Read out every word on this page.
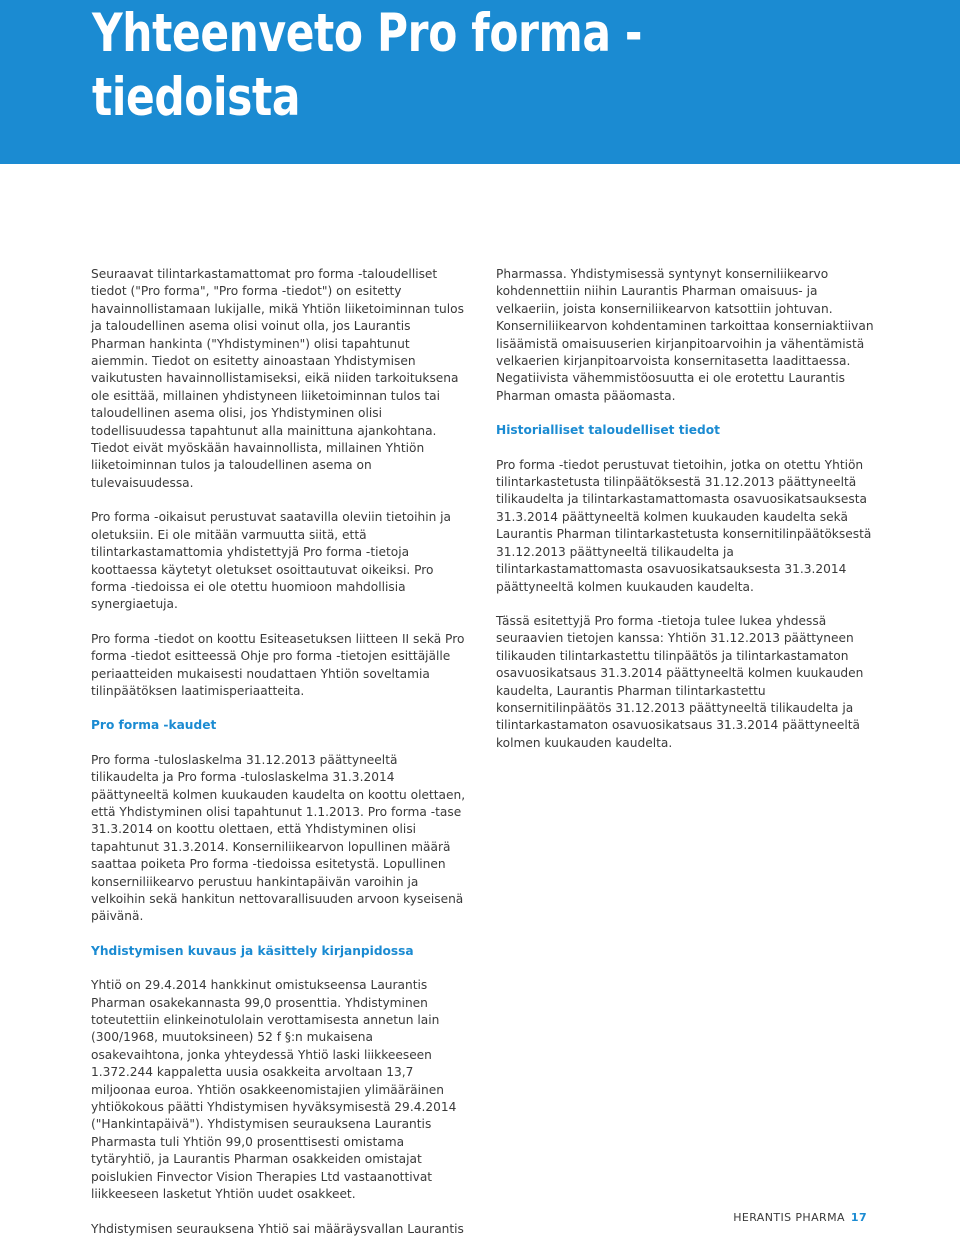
Yhteenveto Pro forma -tiedoista

Seuraavat tilintarkastamattomat pro forma -taloudelliset tiedot ("Pro forma", "Pro forma -tiedot") on esitetty havainnollistamaan lukijalle, mikä Yhtiön liiketoiminnan tulos ja taloudellinen asema olisi voinut olla, jos Laurantis Pharman hankinta ("Yhdistyminen") olisi tapahtunut aiemmin. Tiedot on esitetty ainoastaan Yhdistymisen vaikutusten havainnollistamiseksi, eikä niiden tarkoituksena ole esittää, millainen yhdistyneen liiketoiminnan tulos tai taloudellinen asema olisi, jos Yhdistyminen olisi todellisuudessa tapahtunut alla mainittuna ajankohtana. Tiedot eivät myöskään havainnollista, millainen Yhtiön liiketoiminnan tulos ja taloudellinen asema on tulevaisuudessa.

Pro forma -oikaisut perustuvat saatavilla oleviin tietoihin ja oletuksiin. Ei ole mitään varmuutta siitä, että tilintarkastamattomia yhdistettyjä Pro forma -tietoja koottaessa käytetyt oletukset osoittautuvat oikeiksi. Pro forma -tiedoissa ei ole otettu huomioon mahdollisia synergiaetuja.

Pro forma -tiedot on koottu Esiteasetuksen liitteen II sekä Pro forma -tiedot esitteessä Ohje pro forma -tietojen esittäjälle periaatteiden mukaisesti noudattaen Yhtiön soveltamia tilinpäätöksen laatimisperiaatteita.

Pro forma -kaudet

Pro forma -tuloslaskelma 31.12.2013 päättyneeltä tilikaudelta ja Pro forma -tuloslaskelma 31.3.2014 päättyneeltä kolmen kuukauden kaudelta on koottu olettaen, että Yhdistyminen olisi tapahtunut 1.1.2013. Pro forma -tase 31.3.2014 on koottu olettaen, että Yhdistyminen olisi tapahtunut 31.3.2014. Konserniliikearvon lopullinen määrä saattaa poiketa Pro forma -tiedoissa esitetystä. Lopullinen konserniliikearvo perustuu hankintapäivän varoihin ja velkoihin sekä hankitun nettovarallisuuden arvoon kyseisenä päivänä.

Yhdistymisen kuvaus ja käsittely kirjanpidossa

Yhtiö on 29.4.2014 hankkinut omistukseensa Laurantis Pharman osakekannasta 99,0 prosenttia. Yhdistyminen toteutettiin elinkeinotulolain verottamisesta annetun lain (300/1968, muutoksineen) 52 f §:n mukaisena osakevaihtona, jonka yhteydessä Yhtiö laski liikkeeseen 1.372.244 kappaletta uusia osakkeita arvoltaan 13,7 miljoonaa euroa. Yhtiön osakkeenomistajien ylimääräinen yhtiökokous päätti Yhdistymisen hyväksymisestä 29.4.2014 ("Hankintapäivä"). Yhdistymisen seurauksena Laurantis Pharmasta tuli Yhtiön 99,0 prosenttisesti omistama tytäryhtiö, ja Laurantis Pharman osakkeiden omistajat poislukien Finvector Vision Therapies Ltd vastaanottivat liikkeeseen lasketut Yhtiön uudet osakkeet.

Yhdistymisen seurauksena Yhtiö sai määräysvallan Laurantis

Pharmassa. Yhdistymisessä syntynyt konserniliikearvo kohdennettiin niihin Laurantis Pharman omaisuus- ja velkaeriin, joista konserniliikearvon katsottiin johtuvan. Konserniliikearvon kohdentaminen tarkoittaa konserniaktiivan lisäämistä omaisuuserien kirjanpitoarvoihin ja vähentämistä velkaerien kirjanpitoarvoista konsernitasetta laadittaessa. Negatiivista vähemmistöosuutta ei ole erotettu Laurantis Pharman omasta pääomasta.

Historialliset taloudelliset tiedot

Pro forma -tiedot perustuvat tietoihin, jotka on otettu Yhtiön tilintarkastetusta tilinpäätöksestä 31.12.2013 päättyneeltä tilikaudelta ja tilintarkastamattomasta osavuosikatsauksesta 31.3.2014 päättyneeltä kolmen kuukauden kaudelta sekä Laurantis Pharman tilintarkastetusta konsernitilinpäätöksestä 31.12.2013 päättyneeltä tilikaudelta ja tilintarkastamattomasta osavuosikatsauksesta 31.3.2014 päättyneeltä kolmen kuukauden kaudelta.

Tässä esitettyjä Pro forma -tietoja tulee lukea yhdessä seuraavien tietojen kanssa: Yhtiön 31.12.2013 päättyneen tilikauden tilintarkastettu tilinpäätös ja tilintarkastamaton osavuosikatsaus 31.3.2014 päättyneeltä kolmen kuukauden kaudelta, Laurantis Pharman tilintarkastettu konsernitilinpäätös 31.12.2013 päättyneeltä tilikaudelta ja tilintarkastamaton osavuosikatsaus 31.3.2014 päättyneeltä kolmen kuukauden kaudelta.

HERANTIS PHARMA 17
